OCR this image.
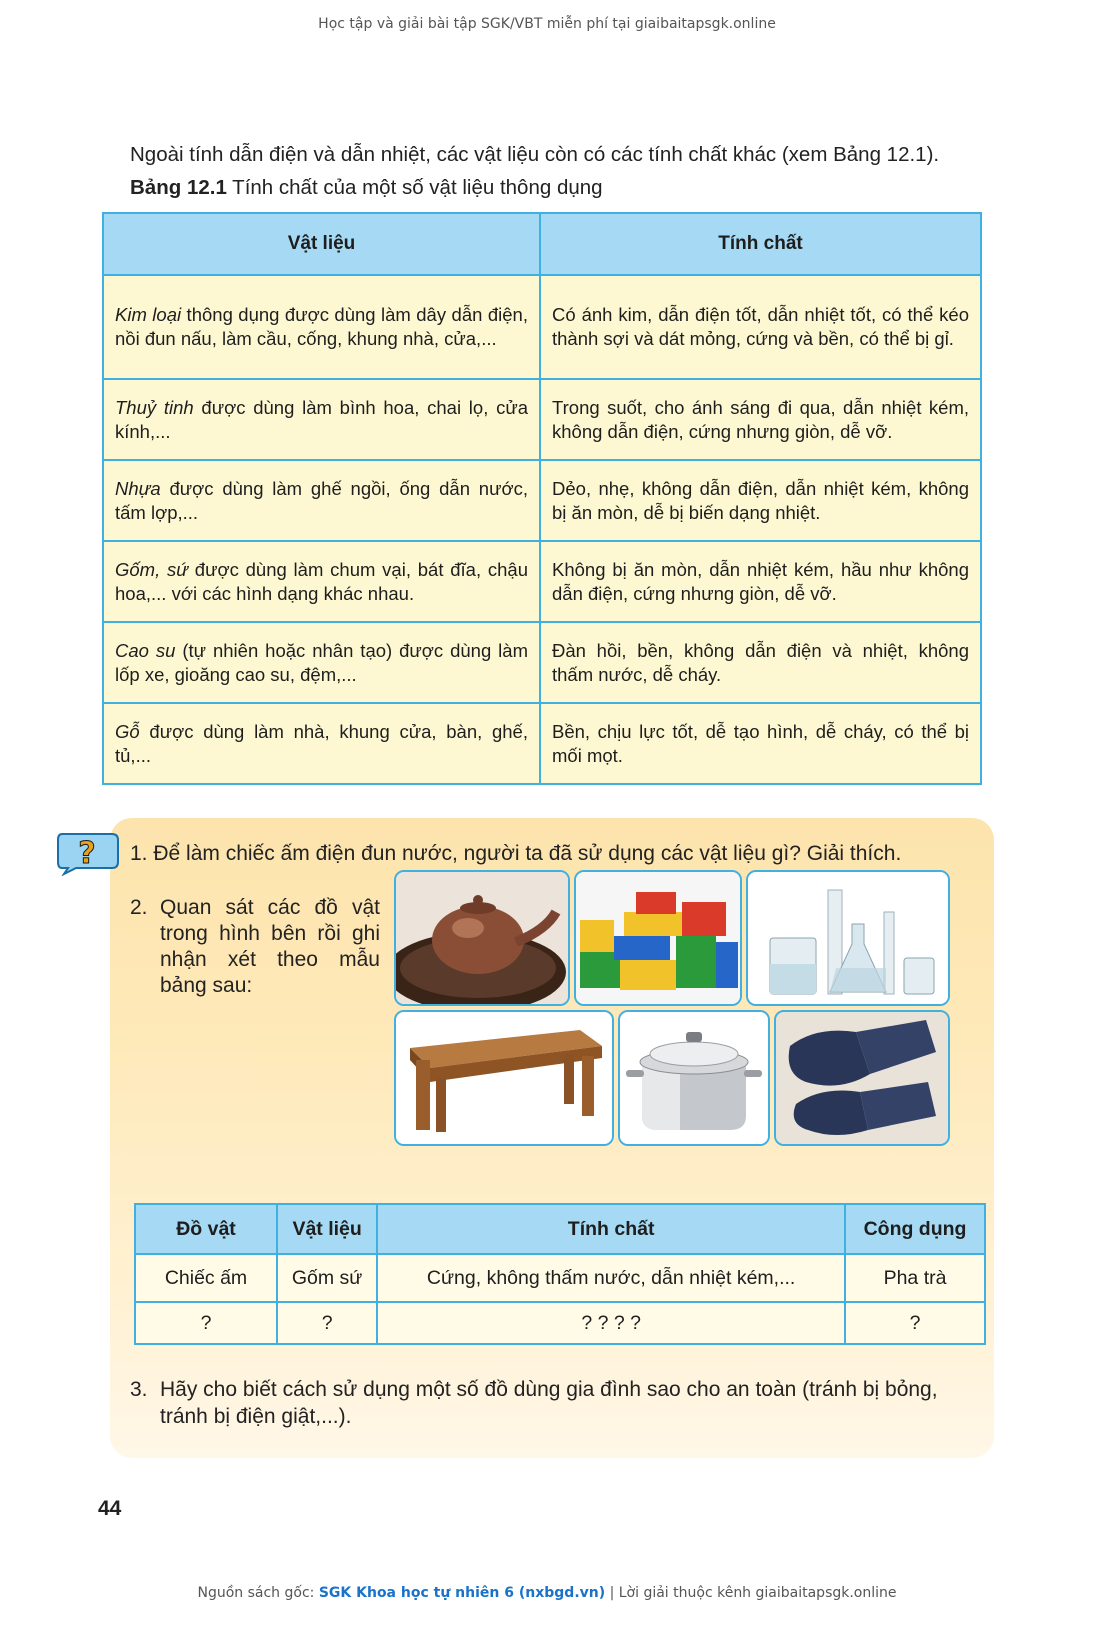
Học tập và giải bài tập SGK/VBT miễn phí tại giaibaitapsgk.online
Ngoài tính dẫn điện và dẫn nhiệt, các vật liệu còn có các tính chất khác (xem Bảng 12.1).
Bảng 12.1 Tính chất của một số vật liệu thông dụng
Vật liệu	Tính chất
Kim loại thông dụng được dùng làm dây dẫn điện, nồi đun nấu, làm cầu, cống, khung nhà, cửa,...	Có ánh kim, dẫn điện tốt, dẫn nhiệt tốt, có thể kéo thành sợi và dát mỏng, cứng và bền, có thể bị gỉ.
Thuỷ tinh được dùng làm bình hoa, chai lọ, cửa kính,...	Trong suốt, cho ánh sáng đi qua, dẫn nhiệt kém, không dẫn điện, cứng nhưng giòn, dễ vỡ.
Nhựa được dùng làm ghế ngồi, ống dẫn nước, tấm lợp,...	Dẻo, nhẹ, không dẫn điện, dẫn nhiệt kém, không bị ăn mòn, dễ bị biến dạng nhiệt.
Gốm, sứ được dùng làm chum vại, bát đĩa, chậu hoa,... với các hình dạng khác nhau.	Không bị ăn mòn, dẫn nhiệt kém, hầu như không dẫn điện, cứng nhưng giòn, dễ vỡ.
Cao su (tự nhiên hoặc nhân tạo) được dùng làm lốp xe, gioăng cao su, đệm,...	Đàn hồi, bền, không dẫn điện và nhiệt, không thấm nước, dễ cháy.
Gỗ được dùng làm nhà, khung cửa, bàn, ghế, tủ,...	Bền, chịu lực tốt, dễ tạo hình, dễ cháy, có thể bị mối mọt.
? 1. Để làm chiếc ấm điện đun nước, người ta đã sử dụng các vật liệu gì? Giải thích.
2. Quan sát các đồ vật trong hình bên rồi ghi nhận xét theo mẫu bảng sau:
Đồ vật	Vật liệu	Tính chất	Công dụng
Chiếc ấm	Gốm sứ	Cứng, không thấm nước, dẫn nhiệt kém,...	Pha trà
?	?	? ? ? ?	?
3. Hãy cho biết cách sử dụng một số đồ dùng gia đình sao cho an toàn (tránh bị bỏng, tránh bị điện giật,...).
44
Nguồn sách gốc: SGK Khoa học tự nhiên 6 (nxbgd.vn) | Lời giải thuộc kênh giaibaitapsgk.online
